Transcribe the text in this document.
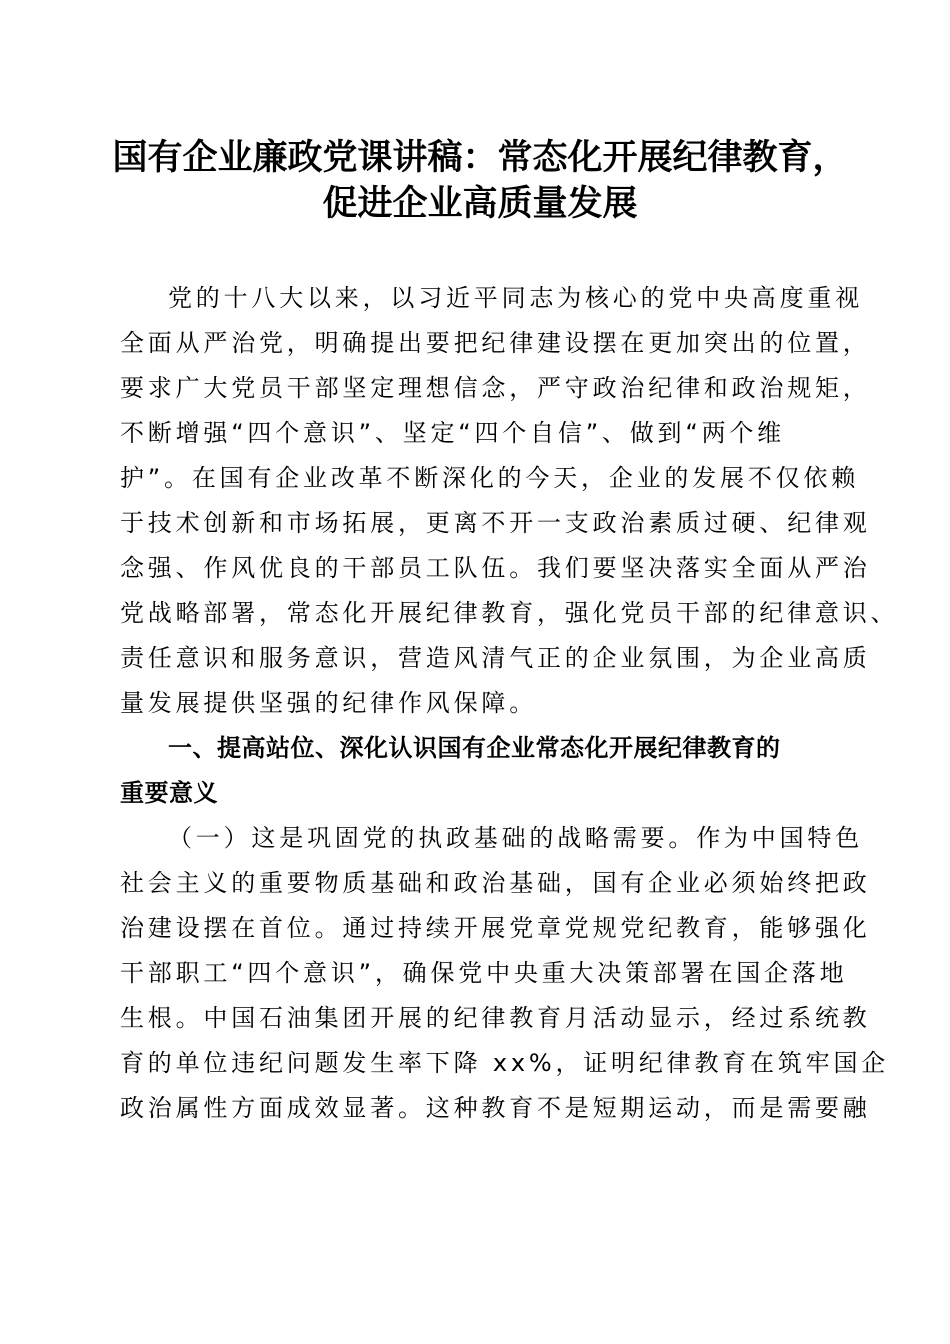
国有企业廉政党课讲稿：常态化开展纪律教育，
促进企业高质量发展
党的十八大以来，以习近平同志为核心的党中央高度重视
全面从严治党，明确提出要把纪律建设摆在更加突出的位置，
要求广大党员干部坚定理想信念，严守政治纪律和政治规矩，
不断增强“四个意识”、坚定“四个自信”、做到“两个维
护”。在国有企业改革不断深化的今天，企业的发展不仅依赖
于技术创新和市场拓展，更离不开一支政治素质过硬、纪律观
念强、作风优良的干部员工队伍。我们要坚决落实全面从严治
党战略部署，常态化开展纪律教育，强化党员干部的纪律意识、
责任意识和服务意识，营造风清气正的企业氛围，为企业高质
量发展提供坚强的纪律作风保障。
一、提高站位、深化认识国有企业常态化开展纪律教育的
重要意义
（一）这是巩固党的执政基础的战略需要。作为中国特色
社会主义的重要物质基础和政治基础，国有企业必须始终把政
治建设摆在首位。通过持续开展党章党规党纪教育，能够强化
干部职工“四个意识”，确保党中央重大决策部署在国企落地
生根。中国石油集团开展的纪律教育月活动显示，经过系统教
育的单位违纪问题发生率下降 xx%，证明纪律教育在筑牢国企
政治属性方面成效显著。这种教育不是短期运动，而是需要融
